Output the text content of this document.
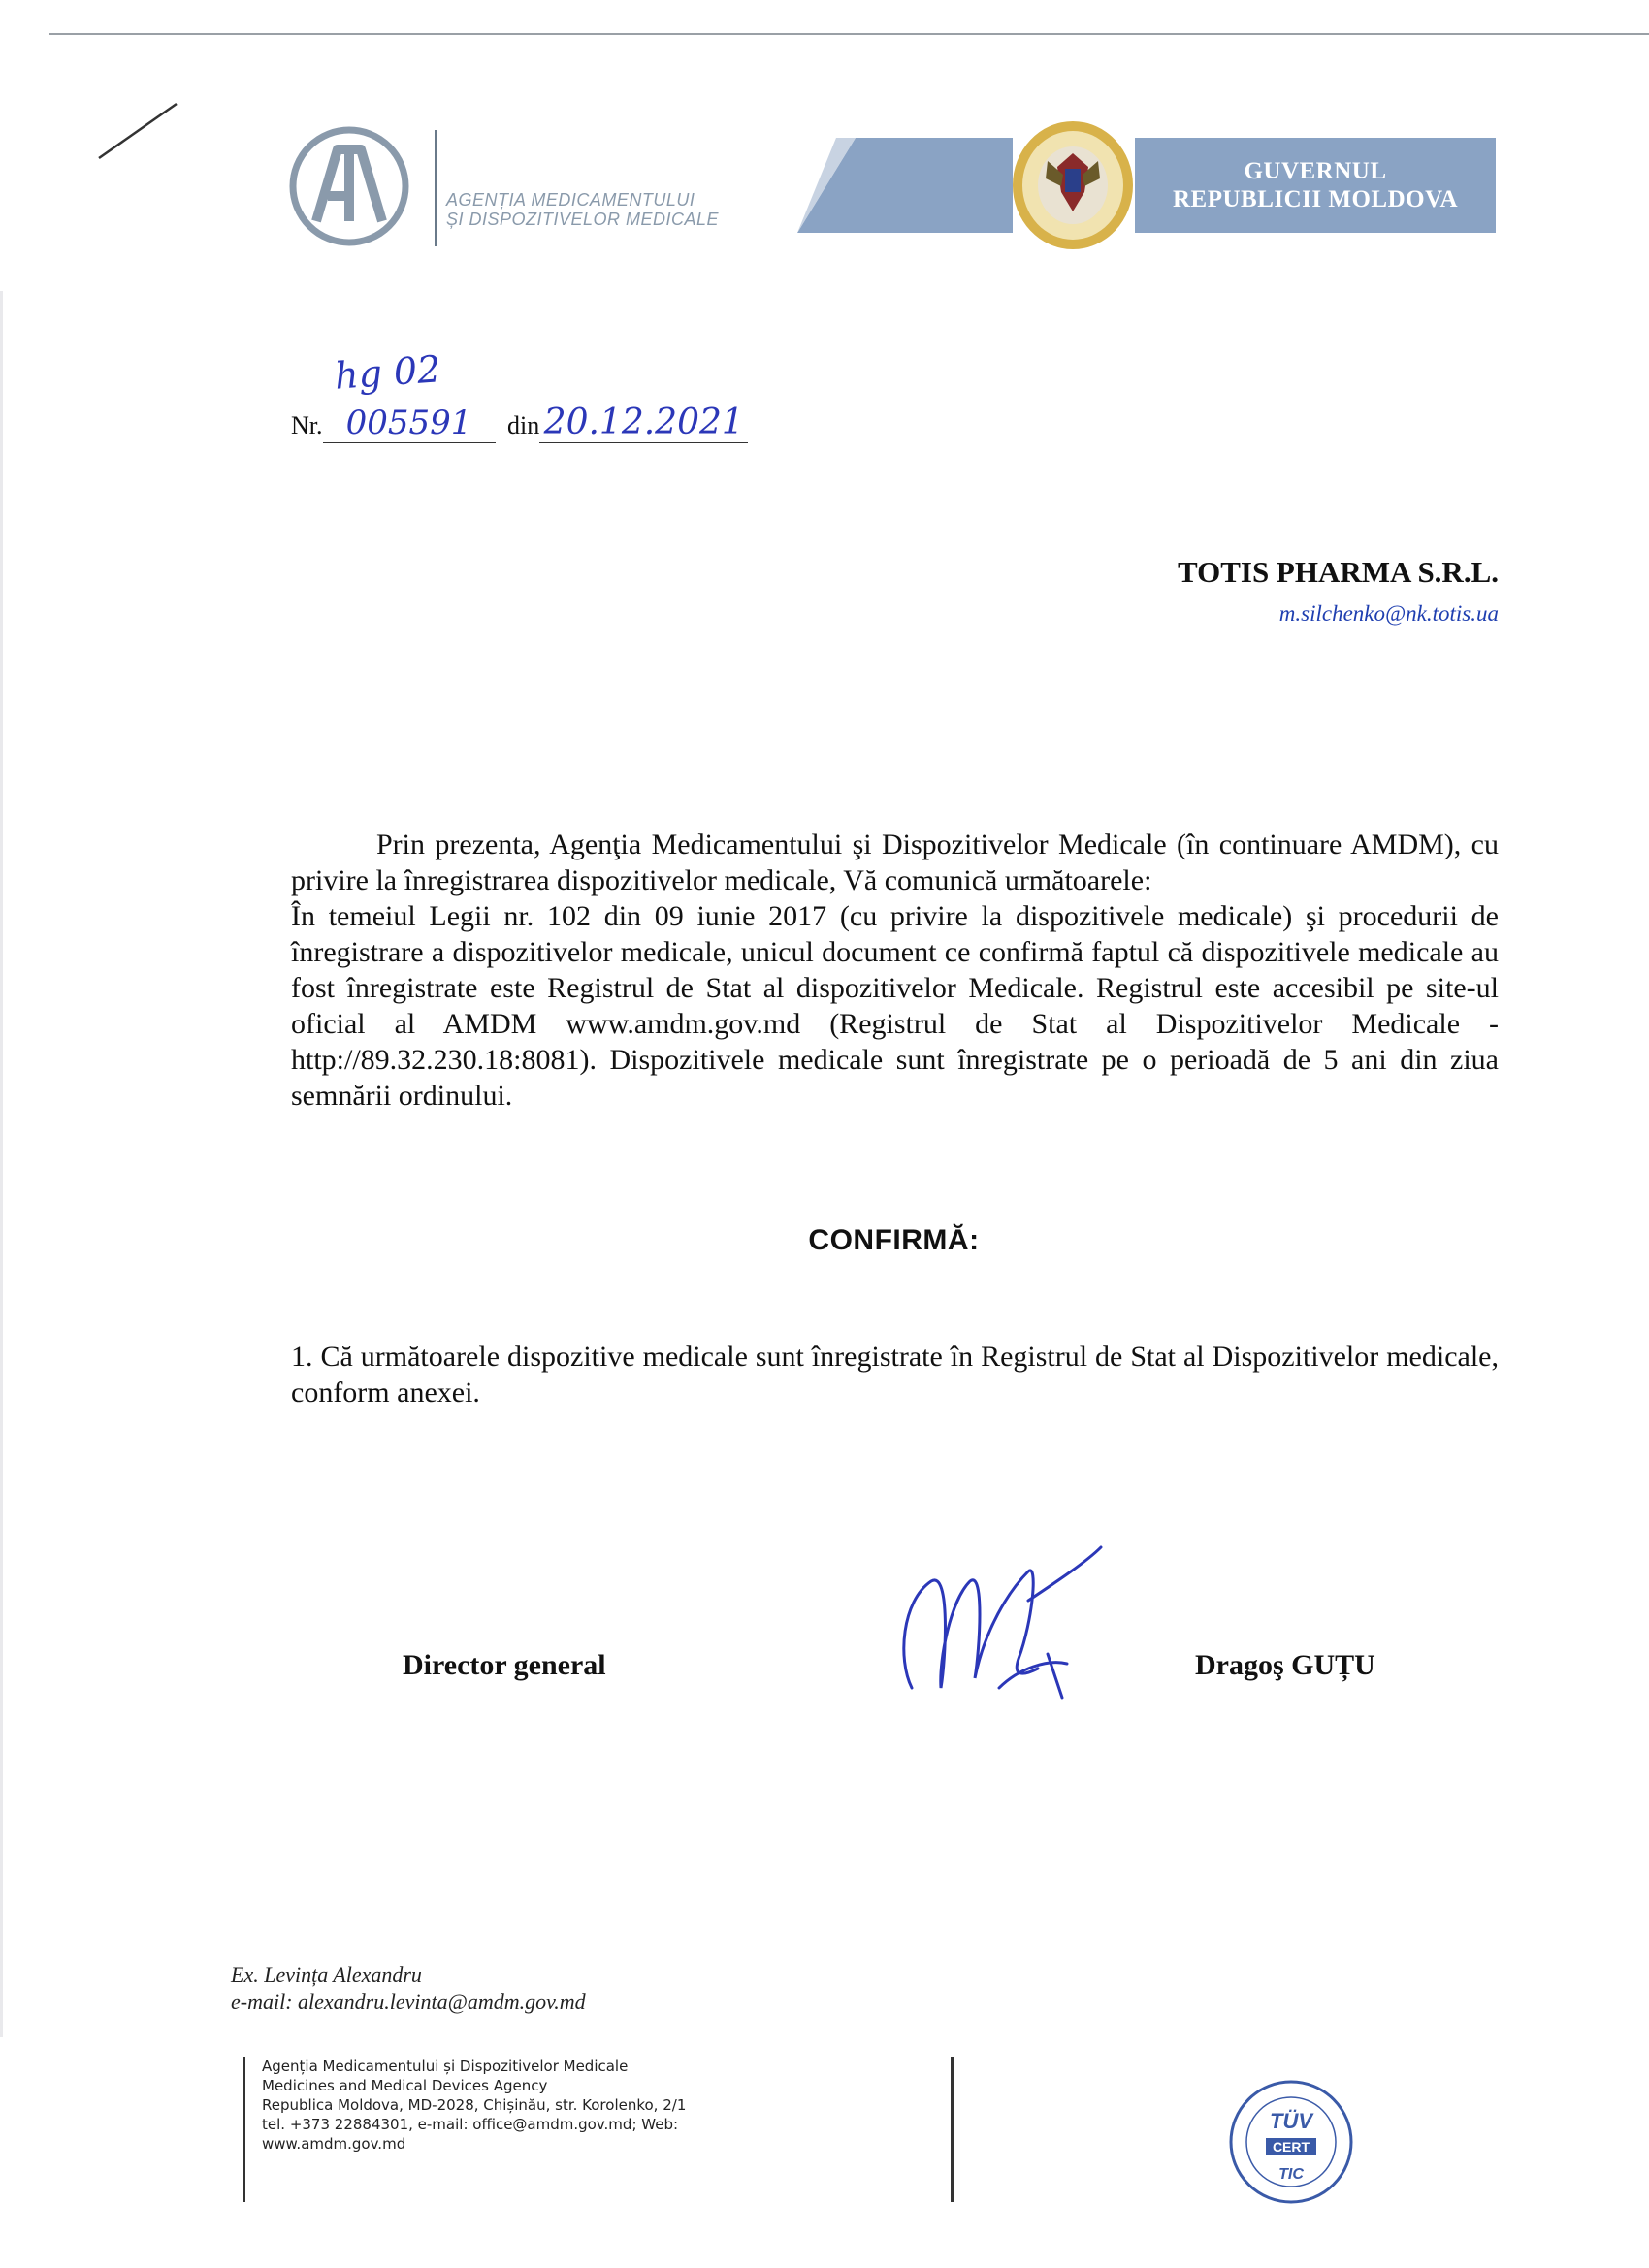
AM	AGENȚIA MEDICAMENTULUI
ȘI DISPOZITIVELOR MEDICALE
GUVERNUL
REPUBLICII MOLDOVA
hg 02
Nr. 005591 din 20.12.2021
TOTIS PHARMA S.R.L.
m.silchenko@nk.totis.ua

Prin prezenta, Agenţia Medicamentului şi Dispozitivelor Medicale (în continuare AMDM), cu privire la înregistrarea dispozitivelor medicale, Vă comunică următoarele:

În temeiul Legii nr. 102 din 09 iunie 2017 (cu privire la dispozitivele medicale) şi procedurii de înregistrare a dispozitivelor medicale, unicul document ce confirmă faptul că dispozitivele medicale au fost înregistrate este Registrul de Stat al dispozitivelor Medicale. Registrul este accesibil pe site-ul oficial al AMDM www.amdm.gov.md (Registrul de Stat al Dispozitivelor Medicale - http://89.32.230.18:8081). Dispozitivele medicale sunt înregistrate pe o perioadă de 5 ani din ziua semnării ordinului.

CONFIRMĂ:
1. Că următoarele dispozitive medicale sunt înregistrate în Registrul de Stat al Dispozitivelor medicale, conform anexei.
Director general	Dragoş GUȚU
Ex. Levința Alexandru
e-mail: alexandru.levinta@amdm.gov.md
Agenția Medicamentului și Dispozitivelor Medicale
Medicines and Medical Devices Agency
Republica Moldova, MD-2028, Chișinău, str. Korolenko, 2/1
tel. +373 22884301, e-mail: office@amdm.gov.md; Web:
www.amdm.gov.md
TÜV
CERT
TIC
